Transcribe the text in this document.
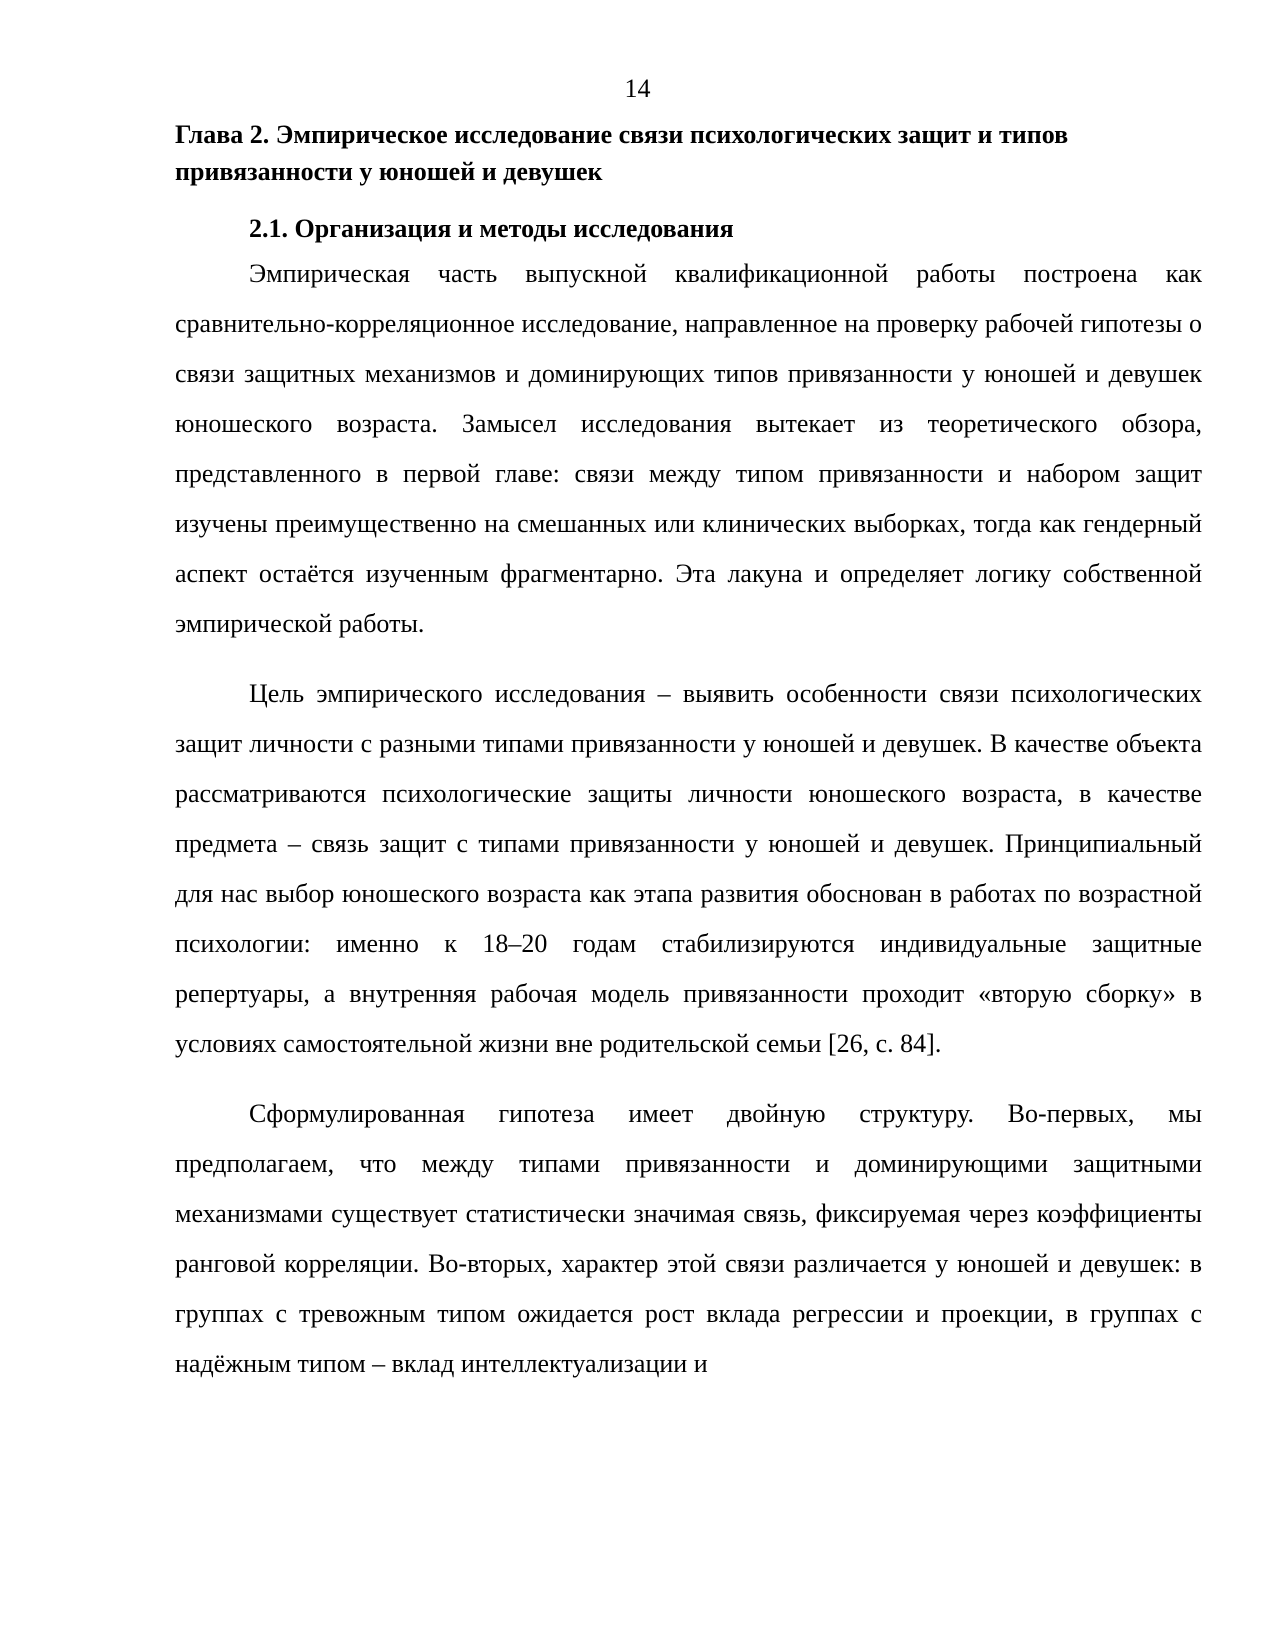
14

Глава 2. Эмпирическое исследование связи психологических защит и типов привязанности у юношей и девушек
2.1. Организация и методы исследования

Эмпирическая часть выпускной квалификационной работы построена как сравнительно-корреляционное исследование, направленное на проверку рабочей гипотезы о связи защитных механизмов и доминирующих типов привязанности у юношей и девушек юношеского возраста. Замысел исследования вытекает из теоретического обзора, представленного в первой главе: связи между типом привязанности и набором защит изучены преимущественно на смешанных или клинических выборках, тогда как гендерный аспект остаётся изученным фрагментарно. Эта лакуна и определяет логику собственной эмпирической работы.

Цель эмпирического исследования – выявить особенности связи психологических защит личности с разными типами привязанности у юношей и девушек. В качестве объекта рассматриваются психологические защиты личности юношеского возраста, в качестве предмета – связь защит с типами привязанности у юношей и девушек. Принципиальный для нас выбор юношеского возраста как этапа развития обоснован в работах по возрастной психологии: именно к 18–20 годам стабилизируются индивидуальные защитные репертуары, а внутренняя рабочая модель привязанности проходит «вторую сборку» в условиях самостоятельной жизни вне родительской семьи [26, с. 84].

Сформулированная гипотеза имеет двойную структуру. Во-первых, мы предполагаем, что между типами привязанности и доминирующими защитными механизмами существует статистически значимая связь, фиксируемая через коэффициенты ранговой корреляции. Во-вторых, характер этой связи различается у юношей и девушек: в группах с тревожным типом ожидается рост вклада регрессии и проекции, в группах с надёжным типом – вклад интеллектуализации и
